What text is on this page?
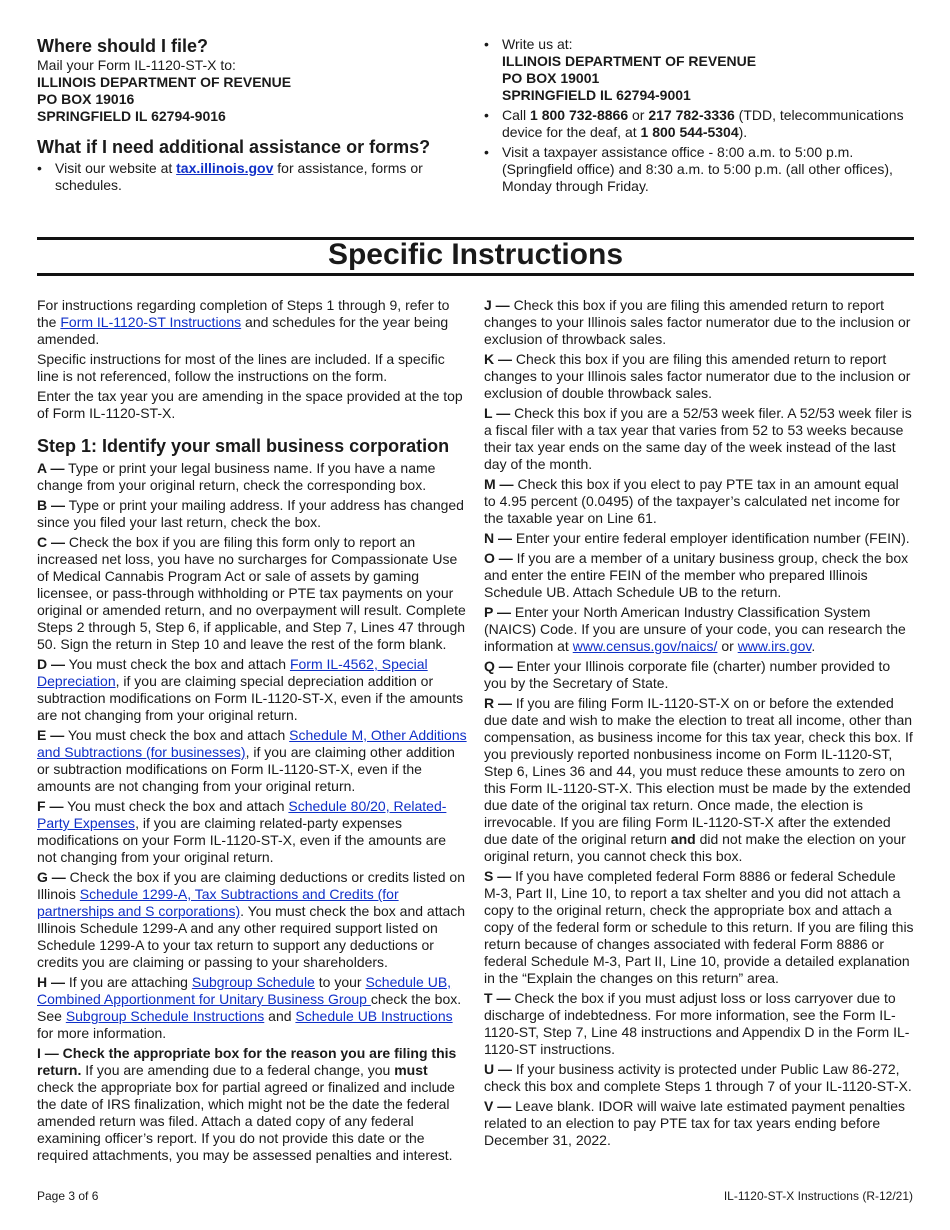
Where should I file?

Mail your Form IL-1120-ST-X to:

ILLINOIS DEPARTMENT OF REVENUE
PO BOX 19016
SPRINGFIELD IL 62794-9016
What if I need additional assistance or forms?
• Visit our website at tax.illinois.gov for assistance, forms or schedules.
• Write us at:
ILLINOIS DEPARTMENT OF REVENUE
PO BOX 19001
SPRINGFIELD IL 62794-9001
• Call 1 800 732-8866 or 217 782-3336 (TDD, telecommunications device for the deaf, at 1 800 544-5304).
• Visit a taxpayer assistance office - 8:00 a.m. to 5:00 p.m. (Springfield office) and 8:30 a.m. to 5:00 p.m. (all other offices), Monday through Friday.
Specific Instructions

For instructions regarding completion of Steps 1 through 9, refer to the Form IL-1120-ST Instructions and schedules for the year being amended.

Specific instructions for most of the lines are included. If a specific line is not referenced, follow the instructions on the form.

Enter the tax year you are amending in the space provided at the top of Form IL-1120-ST-X.

Step 1: Identify your small business corporation

A — Type or print your legal business name. If you have a name change from your original return, check the corresponding box.

B — Type or print your mailing address. If your address has changed since you filed your last return, check the box.

C — Check the box if you are filing this form only to report an increased net loss, you have no surcharges for Compassionate Use of Medical Cannabis Program Act or sale of assets by gaming licensee, or pass-through withholding or PTE tax payments on your original or amended return, and no overpayment will result. Complete Steps 2 through 5, Step 6, if applicable, and Step 7, Lines 47 through 50. Sign the return in Step 10 and leave the rest of the form blank.

D — You must check the box and attach Form IL-4562, Special Depreciation, if you are claiming special depreciation addition or subtraction modifications on Form IL-1120-ST-X, even if the amounts are not changing from your original return.

E — You must check the box and attach Schedule M, Other Additions and Subtractions (for businesses), if you are claiming other addition or subtraction modifications on Form IL-1120-ST-X, even if the amounts are not changing from your original return.

F — You must check the box and attach Schedule 80/20, Related-Party Expenses, if you are claiming related-party expenses modifications on your Form IL-1120-ST-X, even if the amounts are not changing from your original return.

G — Check the box if you are claiming deductions or credits listed on Illinois Schedule 1299-A, Tax Subtractions and Credits (for partnerships and S corporations). You must check the box and attach Illinois Schedule 1299-A and any other required support listed on Schedule 1299-A to your tax return to support any deductions or credits you are claiming or passing to your shareholders.

H — If you are attaching Subgroup Schedule to your Schedule UB, Combined Apportionment for Unitary Business Group check the box. See Subgroup Schedule Instructions and Schedule UB Instructions for more information.

I — Check the appropriate box for the reason you are filing this return. If you are amending due to a federal change, you must check the appropriate box for partial agreed or finalized and include the date of IRS finalization, which might not be the date the federal amended return was filed. Attach a dated copy of any federal examining officer’s report. If you do not provide this date or the required attachments, you may be assessed penalties and interest.

J — Check this box if you are filing this amended return to report changes to your Illinois sales factor numerator due to the inclusion or exclusion of throwback sales.

K — Check this box if you are filing this amended return to report changes to your Illinois sales factor numerator due to the inclusion or exclusion of double throwback sales.

L — Check this box if you are a 52/53 week filer. A 52/53 week filer is a fiscal filer with a tax year that varies from 52 to 53 weeks because their tax year ends on the same day of the week instead of the last day of the month.

M — Check this box if you elect to pay PTE tax in an amount equal to 4.95 percent (0.0495) of the taxpayer’s calculated net income for the taxable year on Line 61.

N — Enter your entire federal employer identification number (FEIN).

O — If you are a member of a unitary business group, check the box and enter the entire FEIN of the member who prepared Illinois Schedule UB. Attach Schedule UB to the return.

P — Enter your North American Industry Classification System (NAICS) Code. If you are unsure of your code, you can research the information at www.census.gov/naics/ or www.irs.gov.

Q — Enter your Illinois corporate file (charter) number provided to you by the Secretary of State.

R — If you are filing Form IL-1120-ST-X on or before the extended due date and wish to make the election to treat all income, other than compensation, as business income for this tax year, check this box. If you previously reported nonbusiness income on Form IL-1120-ST, Step 6, Lines 36 and 44, you must reduce these amounts to zero on this Form IL-1120-ST-X. This election must be made by the extended due date of the original tax return. Once made, the election is irrevocable. If you are filing Form IL-1120-ST-X after the extended due date of the original return and did not make the election on your original return, you cannot check this box.

S — If you have completed federal Form 8886 or federal Schedule M-3, Part II, Line 10, to report a tax shelter and you did not attach a copy to the original return, check the appropriate box and attach a copy of the federal form or schedule to this return. If you are filing this return because of changes associated with federal Form 8886 or federal Schedule M-3, Part II, Line 10, provide a detailed explanation in the “Explain the changes on this return” area.

T — Check the box if you must adjust loss or loss carryover due to discharge of indebtedness. For more information, see the Form IL-1120-ST, Step 7, Line 48 instructions and Appendix D in the Form IL-1120-ST instructions.

U — If your business activity is protected under Public Law 86-272, check this box and complete Steps 1 through 7 of your IL-1120-ST-X.

V — Leave blank. IDOR will waive late estimated payment penalties related to an election to pay PTE tax for tax years ending before December 31, 2022.

Page 3 of 6	IL-1120-ST-X Instructions (R-12/21)
